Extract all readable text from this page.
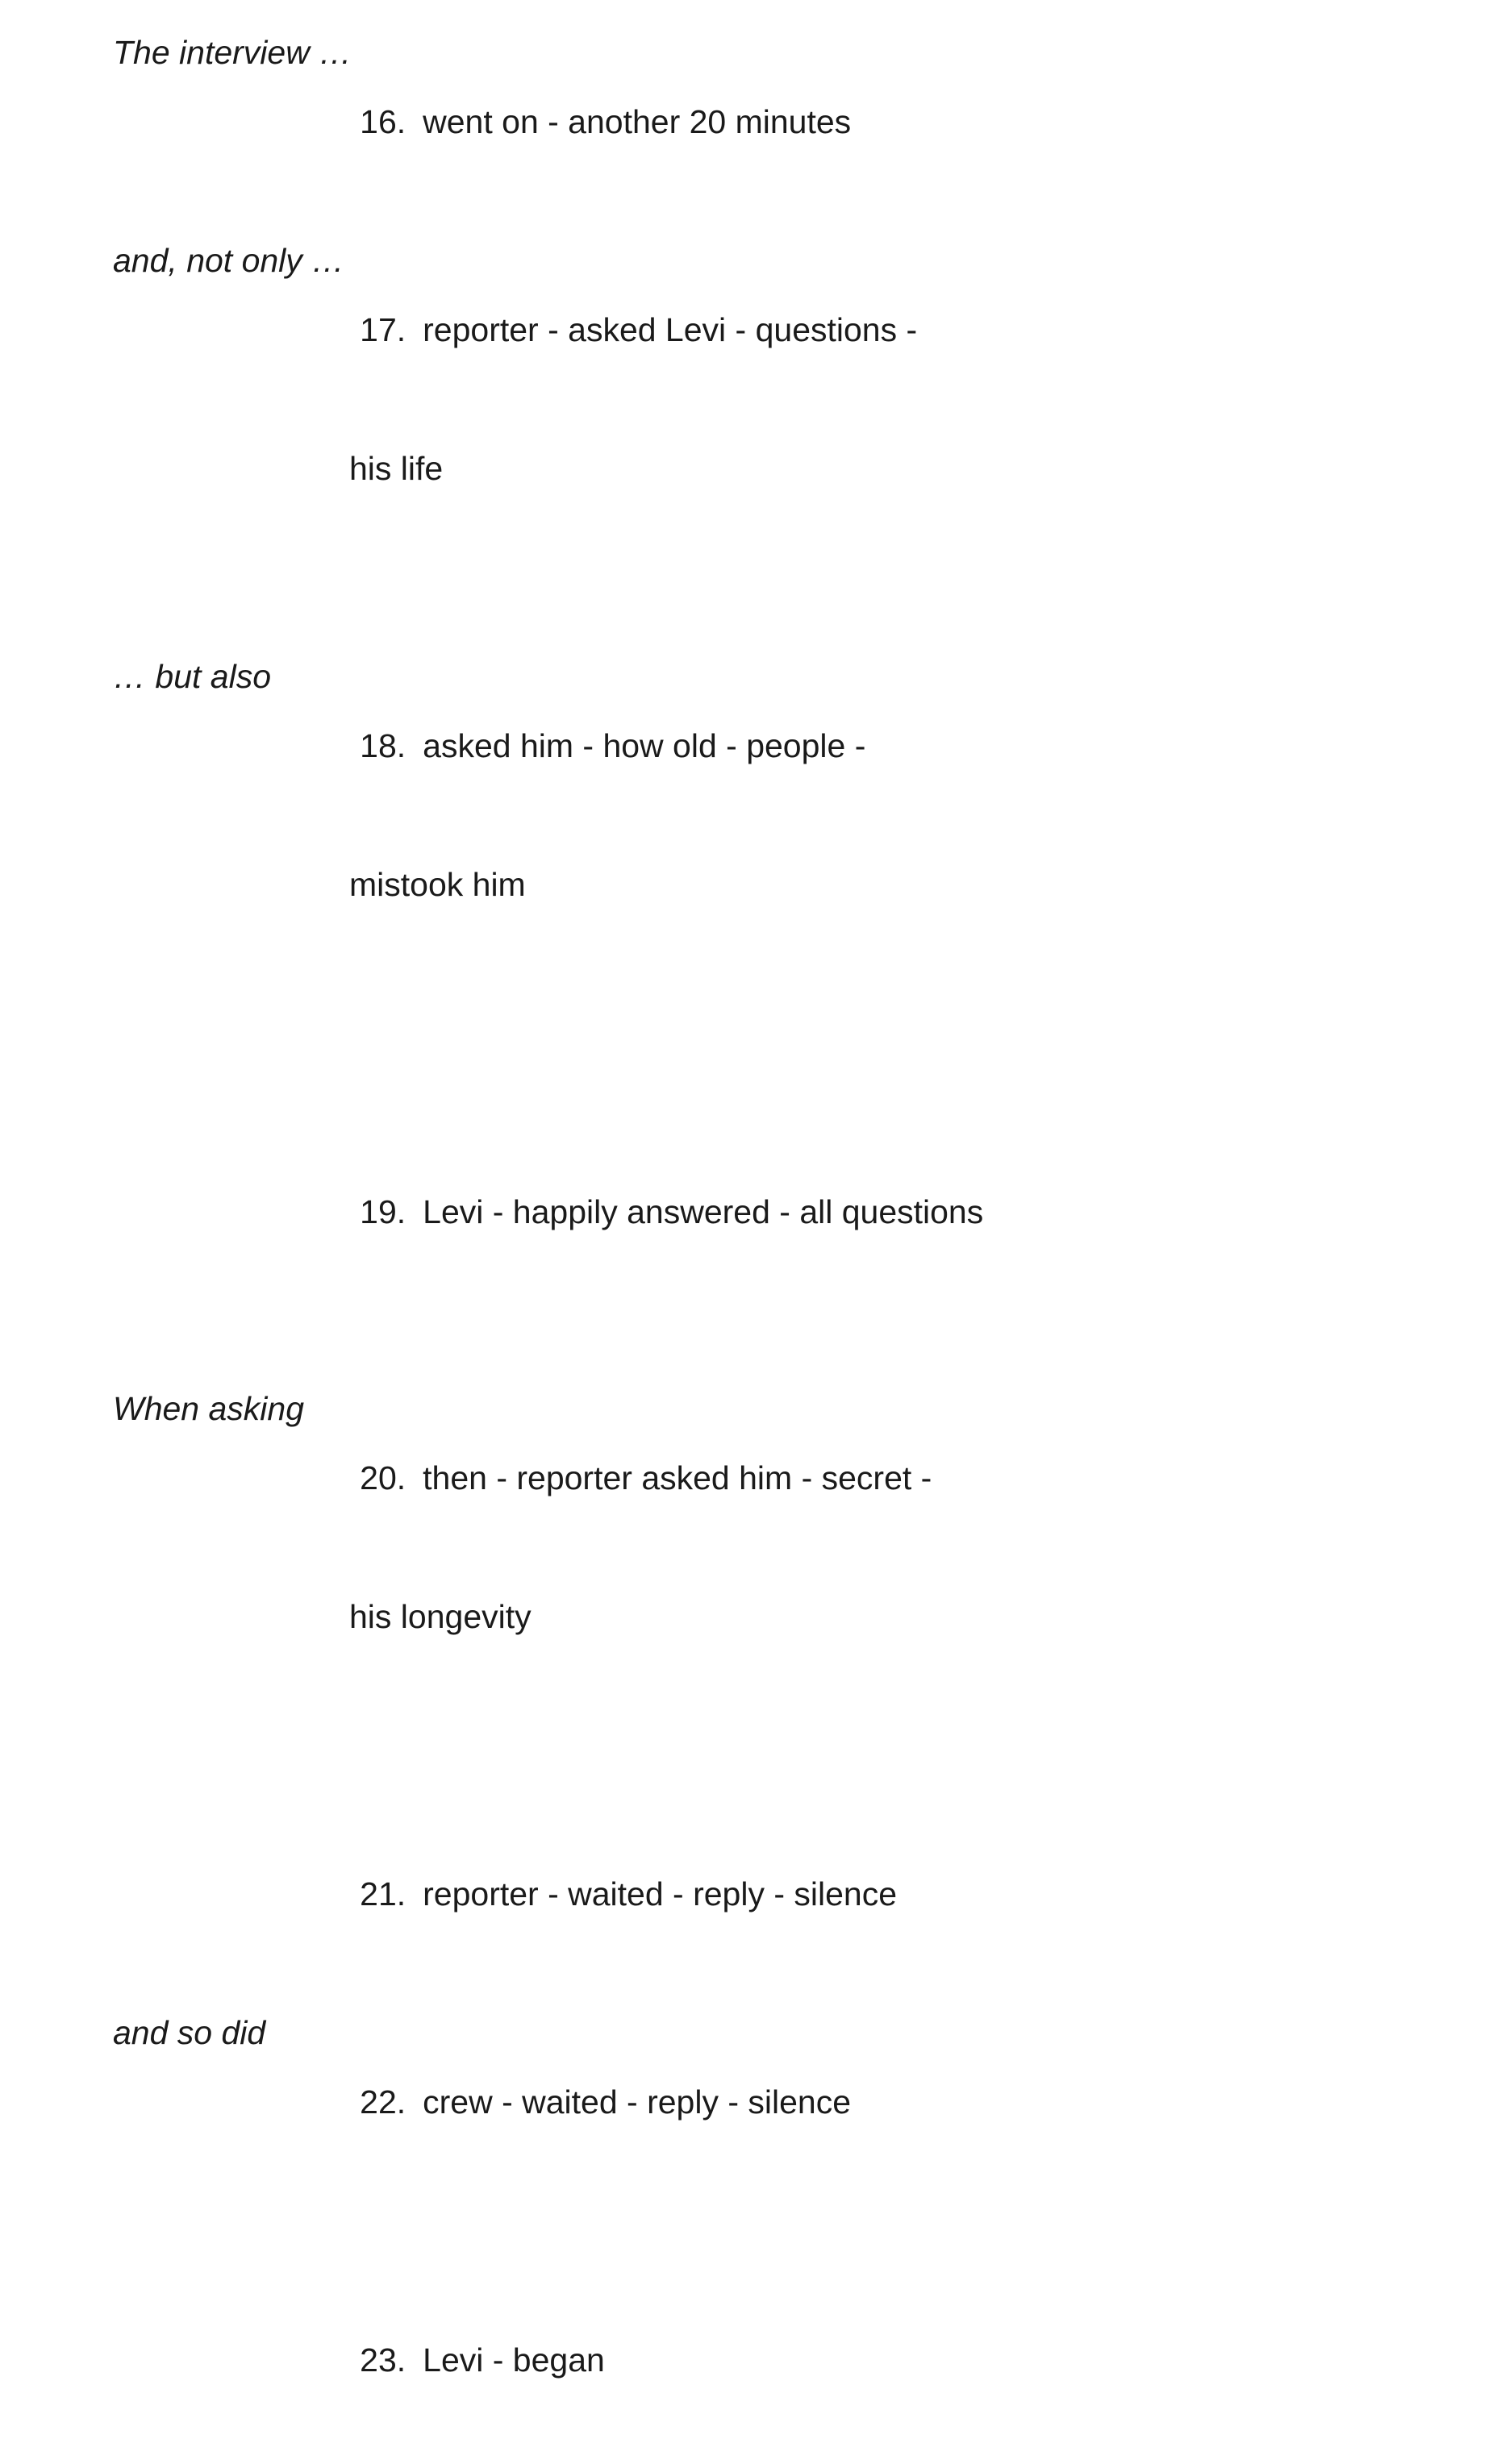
The interview …

16. went on - another 20 minutes

and, not only …

17. reporter - asked Levi - questions -

his life

… but also

18. asked him - how old - people -

mistook him

19. Levi - happily answered - all questions

When asking

20. then - reporter asked him - secret -

his longevity

21. reporter - waited - reply - silence

and so did

22. crew - waited - reply - silence

23. Levi - began
